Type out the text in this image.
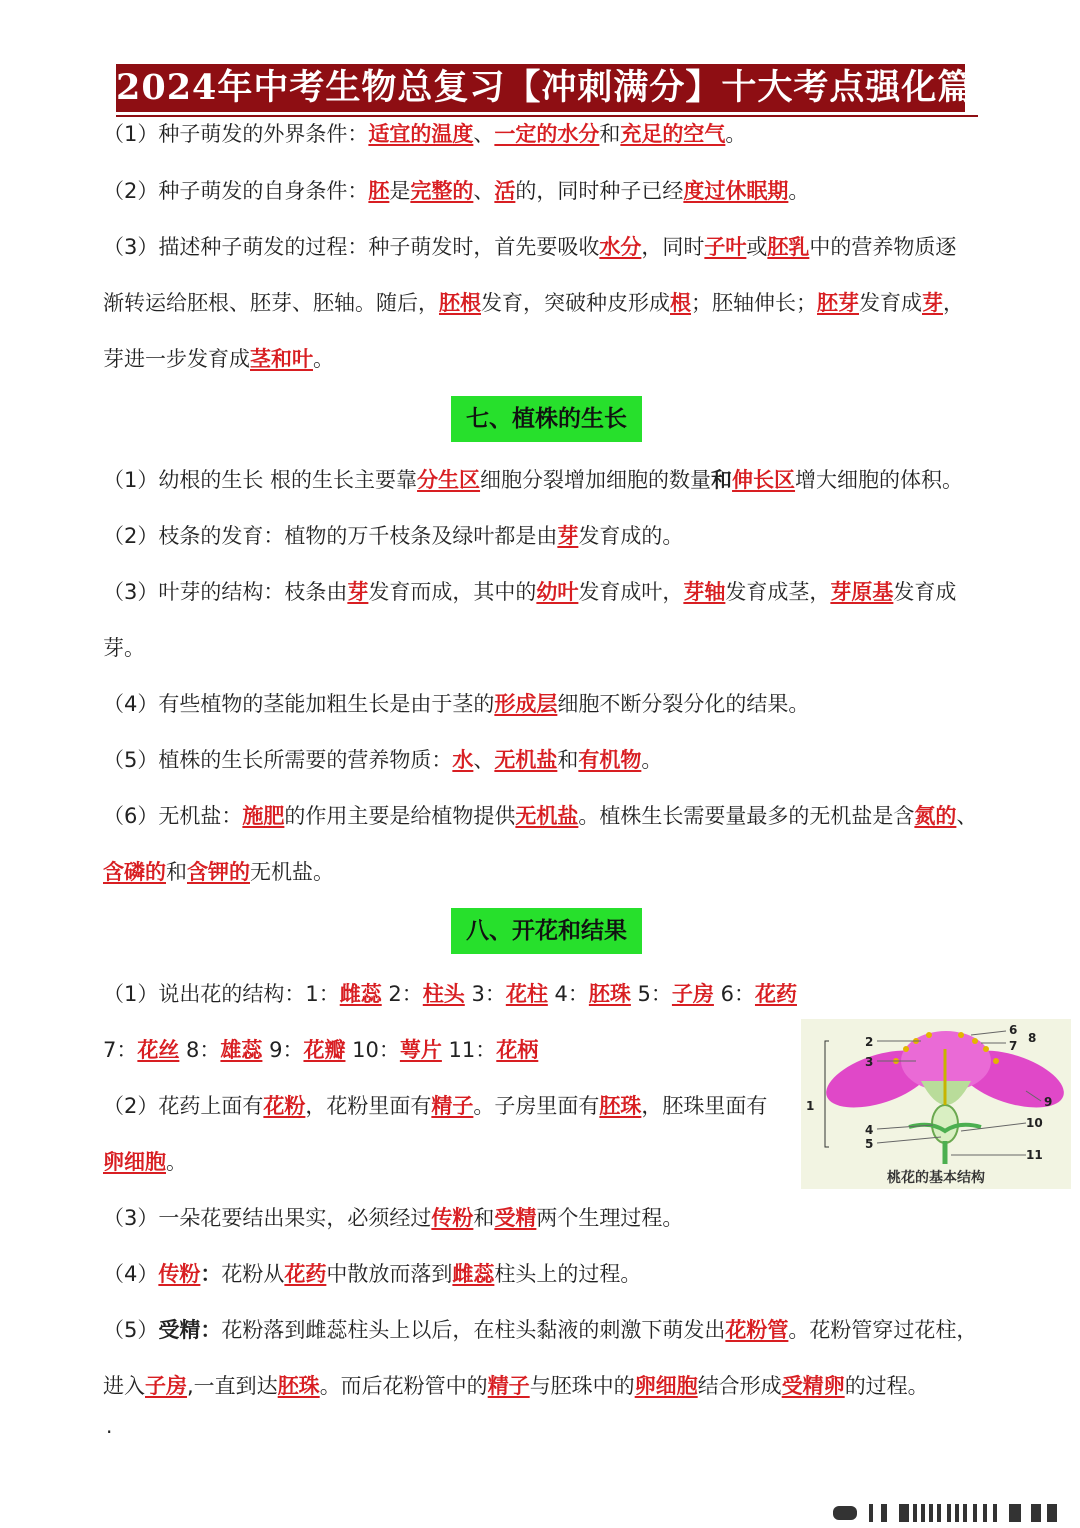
2024年中考生物总复习【冲刺满分】十大考点强化篇
（1）种子萌发的外界条件：适宜的温度、一定的水分和充足的空气。
（2）种子萌发的自身条件：胚是完整的、活的，同时种子已经度过休眠期。
（3）描述种子萌发的过程：种子萌发时，首先要吸收水分，同时子叶或胚乳中的营养物质逐
渐转运给胚根、胚芽、胚轴。随后，胚根发育，突破种皮形成根；胚轴伸长；胚芽发育成芽，
芽进一步发育成茎和叶。
七、植株的生长
（1）幼根的生长 根的生长主要靠分生区细胞分裂增加细胞的数量和伸长区增大细胞的体积。
（2）枝条的发育：植物的万千枝条及绿叶都是由芽发育成的。
（3）叶芽的结构：枝条由芽发育而成，其中的幼叶发育成叶，芽轴发育成茎，芽原基发育成
芽。
（4）有些植物的茎能加粗生长是由于茎的形成层细胞不断分裂分化的结果。
（5）植株的生长所需要的营养物质：水、无机盐和有机物。
（6）无机盐：施肥的作用主要是给植物提供无机盐。植株生长需要量最多的无机盐是含氮的、
含磷的和含钾的无机盐。
八、开花和结果
（1）说出花的结构：1：雌蕊 2：柱头 3：花柱 4：胚珠 5：子房 6：花药
7：花丝 8：雄蕊 9：花瓣 10：萼片 11：花柄
（2）花药上面有花粉，花粉里面有精子。子房里面有胚珠，胚珠里面有
卵细胞。
（3）一朵花要结出果实，必须经过传粉和受精两个生理过程。
（4）传粉：花粉从花药中散放而落到雌蕊柱头上的过程。
（5）受精：花粉落到雌蕊柱头上以后，在柱头黏液的刺激下萌发出花粉管。花粉管穿过花柱，
进入子房,一直到达胚珠。而后花粉管中的精子与胚珠中的卵细胞结合形成受精卵的过程。
1
2
3
4
5
6
7
8
9
10
11
桃花的基本结构
·
